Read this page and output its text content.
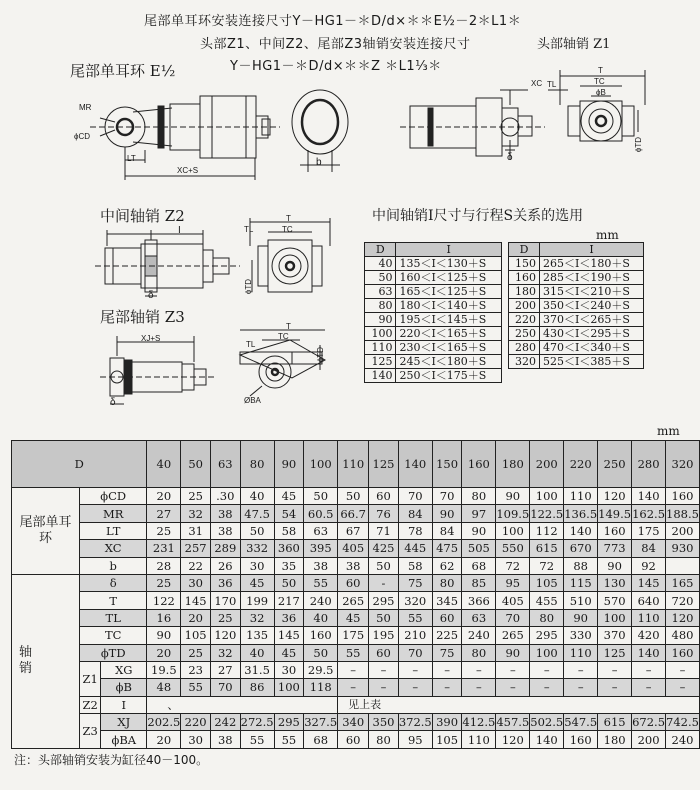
尾部单耳环安装连接尺寸Y－HG1－＊D/d×＊＊E½－2＊L1＊
头部Z1、中间Z2、尾部Z3轴销安装连接尺寸
Y－HG1－＊D/d×＊＊Z ＊L1⅓＊
头部轴销 Z1
尾部单耳环 E½
MR
ϕCD
LT
XC+S
b
XC TL
T
TC
ϕB
ϕTD
δ
中间轴销 Z2
I
δ
T
TL	TC
ϕTD
尾部轴销 Z3
XJ+S
δ
T
TC
TL
ϕTD
ØBA
中间轴销I尺寸与行程S关系的选用
mm
D	I
40	135＜I＜130＋S
50	160＜I＜125＋S
63	165＜I＜125＋S
80	180＜I＜140＋S
90	195＜I＜145＋S
100	220＜I＜165＋S
110	230＜I＜165＋S
125	245＜I＜180＋S
140	250＜I＜175＋S
D	I
150	265＜I＜180＋S
160	285＜I＜190＋S
180	315＜I＜210＋S
200	350＜I＜240＋S
220	370＜I＜265＋S
250	430＜I＜295＋S
280	470＜I＜340＋S
320	525＜I＜385＋S
mm
D			40	50	63	80	90	100	110	125	140	150	160	180	200	220	250	280	320
尾部单耳环	ϕCD		20	25	.30	40	45	50	50	60	70	70	80	90	100	110	120	140	160
	MR		27	32	38	47.5	54	60.5	66.7	76	84	90	97	109.5	122.5	136.5	149.5	162.5	188.5
	LT		25	31	38	50	58	63	67	71	78	84	90	100	112	140	160	175	200
	XC		231	257	289	332	360	395	405	425	445	475	505	550	615	670	773	84	930
	b		28	22	26	30	35	38	38	50	58	62	68	72	72	88	90	92	
轴销	δ		25	30	36	45	50	55	60	-	75	80	85	95	105	115	130	145	165
	T		122	145	170	199	217	240	265	295	320	345	366	405	455	510	570	640	720
	TL		16	20	25	32	36	40	45	50	55	60	63	70	80	90	100	110	120
	TC		90	105	120	135	145	160	175	195	210	225	240	265	295	330	370	420	480
	ϕTD		20	25	32	40	45	50	55	60	70	75	80	90	100	110	125	140	160
	Z1	XG	19.5	23	27	31.5	30	29.5	–	–	–	–	–	–	–	–	–	–	–
		ϕB	48	55	70	86	100	118	–	–	–	–	–	–	–	–	–	–	–
	Z2	I	、						见上表										
	Z3	XJ	202.5	220	242	272.5	295	327.5	340	350	372.5	390	412.5	457.5	502.5	547.5	615	672.5	742.5
		ϕBA	20	30	38	55	55	68	60	80	95	105	110	120	140	160	180	200	240
注：头部轴销安装为缸径40－100。
